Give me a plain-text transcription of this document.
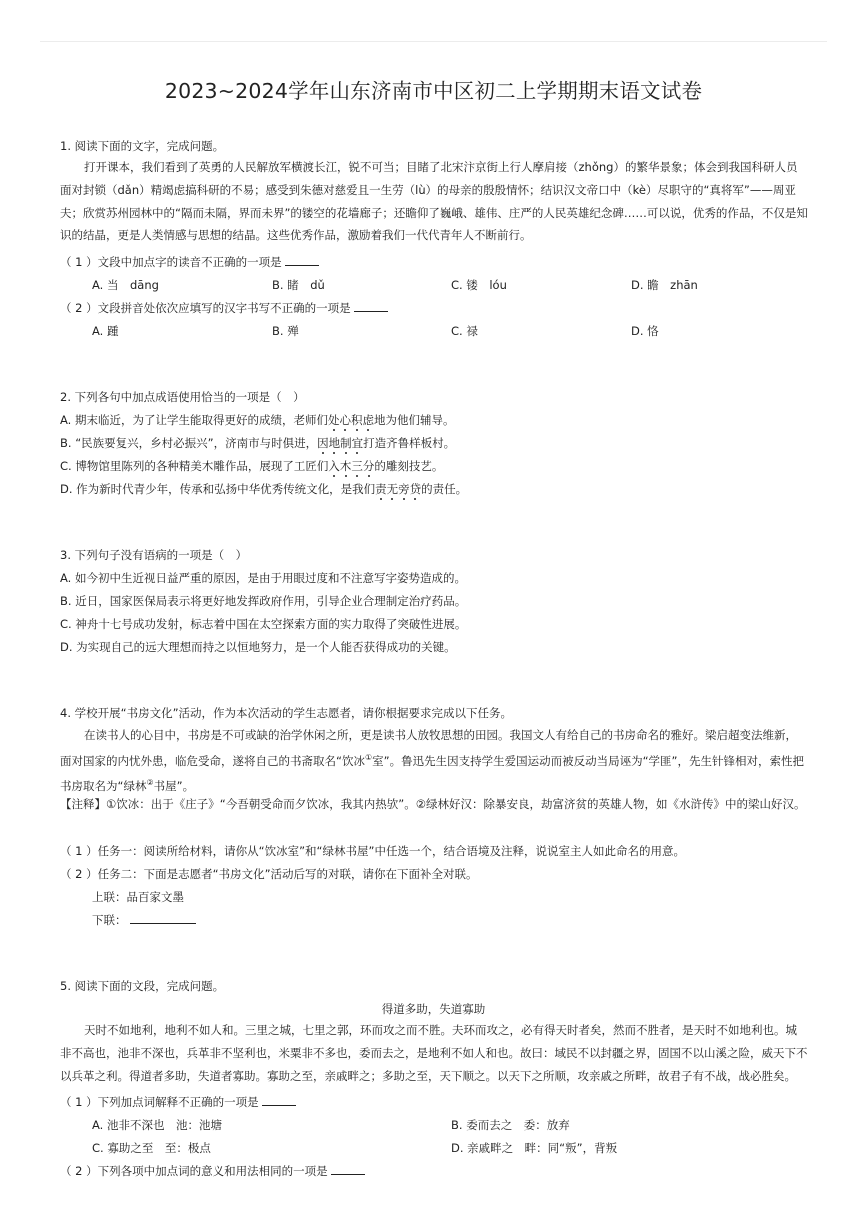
2023~2024学年山东济南市中区初二上学期期末语文试卷
1. 阅读下面的文字，完成问题。
打开课本，我们看到了英勇的人民解放军横渡长江，锐不可当；目睹了北宋汴京街上行人摩肩接（zhǒng）的繁华景象；体会到我国科研人员面对封锁（dǎn）精竭虑搞科研的不易；感受到朱德对慈爱且一生劳（lù）的母亲的殷殷情怀；结识汉文帝口中（kè）尽职守的“真将军”——周亚夫；欣赏苏州园林中的“隔而未隔，界而未界”的镂空的花墙廊子；还瞻仰了巍峨、雄伟、庄严的人民英雄纪念碑……可以说，优秀的作品，不仅是知识的结晶，更是人类情感与思想的结晶。这些优秀作品，激励着我们一代代青年人不断前行。
（ 1 ）文段中加点字的读音不正确的一项是
A. 当　dāng	B. 睹　dǔ	C. 镂　lóu	D. 瞻　zhān
（ 2 ）文段拼音处依次应填写的汉字书写不正确的一项是
A. 踵	B. 殚	C. 禄	D. 恪
2. 下列各句中加点成语使用恰当的一项是（　）
A. 期末临近，为了让学生能取得更好的成绩，老师们处心积虑地为他们辅导。
B. “民族要复兴，乡村必振兴”，济南市与时俱进，因地制宜打造齐鲁样板村。
C. 博物馆里陈列的各种精美木雕作品，展现了工匠们入木三分的雕刻技艺。
D. 作为新时代青少年，传承和弘扬中华优秀传统文化，是我们责无旁贷的责任。
3. 下列句子没有语病的一项是（　）
A. 如今初中生近视日益严重的原因，是由于用眼过度和不注意写字姿势造成的。
B. 近日，国家医保局表示将更好地发挥政府作用，引导企业合理制定治疗药品。
C. 神舟十七号成功发射，标志着中国在太空探索方面的实力取得了突破性进展。
D. 为实现自己的远大理想而持之以恒地努力，是一个人能否获得成功的关键。
4. 学校开展“书房文化”活动，作为本次活动的学生志愿者，请你根据要求完成以下任务。
在读书人的心目中，书房是不可或缺的治学休闲之所，更是读书人放牧思想的田园。我国文人有给自己的书房命名的雅好。梁启超变法维新，面对国家的内忧外患，临危受命，遂将自己的书斋取名“饮冰①室”。鲁迅先生因支持学生爱国运动而被反动当局诬为“学匪”，先生针锋相对，索性把书房取名为“绿林②书屋”。
【注释】①饮冰：出于《庄子》“今吾朝受命而夕饮冰，我其内热欤”。②绿林好汉：除暴安良，劫富济贫的英雄人物，如《水浒传》中的梁山好汉。
（ 1 ）任务一：阅读所给材料，请你从“饮冰室”和“绿林书屋”中任选一个，结合语境及注释，说说室主人如此命名的用意。
（ 2 ）任务二：下面是志愿者“书房文化”活动后写的对联，请你在下面补全对联。
上联：品百家文墨
下联：
5. 阅读下面的文段，完成问题。
得道多助，失道寡助
天时不如地利，地利不如人和。三里之城，七里之郭，环而攻之而不胜。夫环而攻之，必有得天时者矣，然而不胜者，是天时不如地利也。城非不高也，池非不深也，兵革非不坚利也，米粟非不多也，委而去之，是地利不如人和也。故曰：域民不以封疆之界，固国不以山溪之险，威天下不以兵革之利。得道者多助，失道者寡助。寡助之至，亲戚畔之；多助之至，天下顺之。以天下之所顺，攻亲戚之所畔，故君子有不战，战必胜矣。
（ 1 ）下列加点词解释不正确的一项是
A. 池非不深也　池：池塘	B. 委而去之　委：放弃
C. 寡助之至　至：极点	D. 亲戚畔之　畔：同“叛”，背叛
（ 2 ）下列各项中加点词的意义和用法相同的一项是
